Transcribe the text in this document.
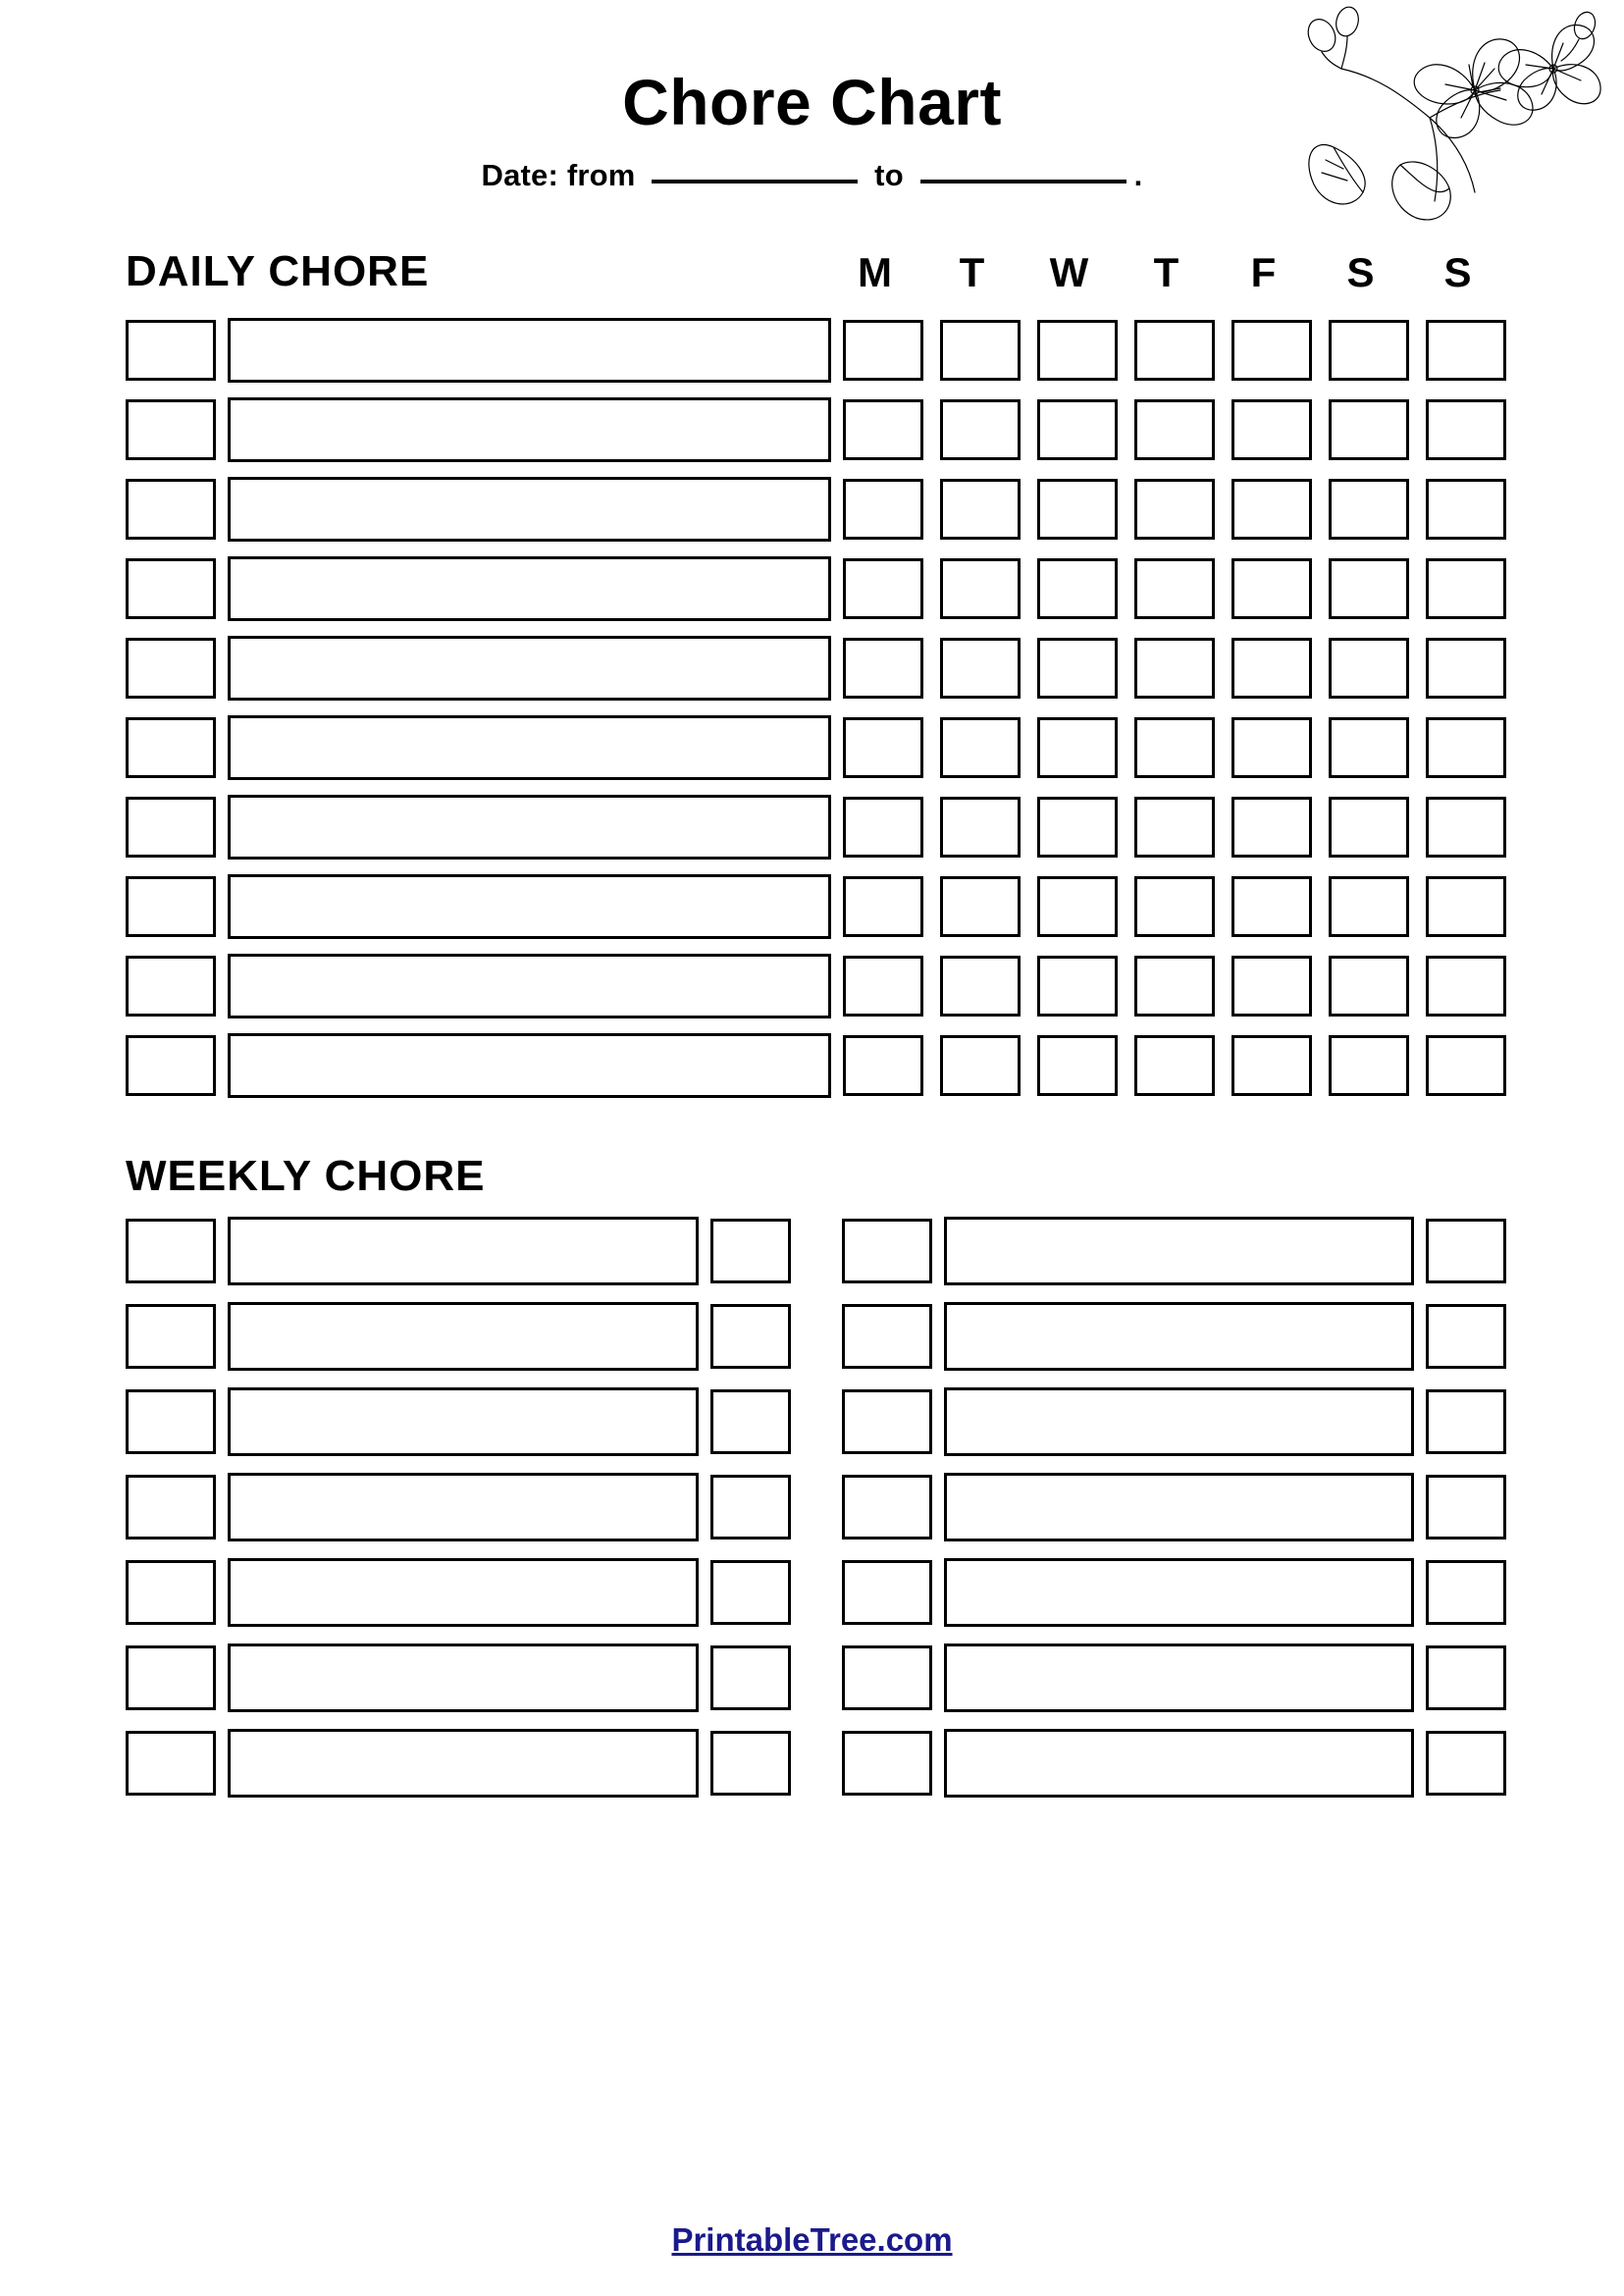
Chore Chart
Date: from	to	.
DAILY CHORE	M	T	W	T	F	S	S
WEEKLY CHORE
PrintableTree.com
